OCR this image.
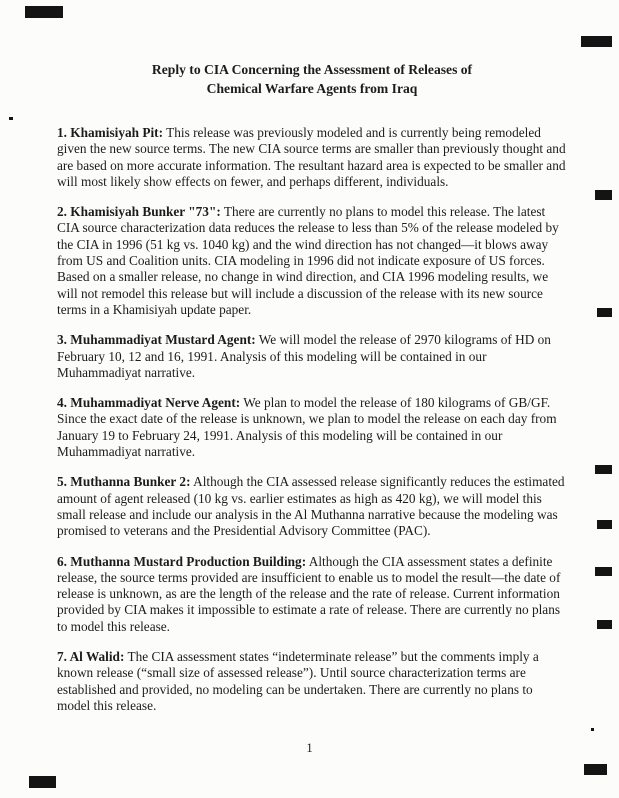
Reply to CIA Concerning the Assessment of Releases of
Chemical Warfare Agents from Iraq

1. Khamisiyah Pit: This release was previously modeled and is currently being remodeled given the new source terms. The new CIA source terms are smaller than previously thought and are based on more accurate information. The resultant hazard area is expected to be smaller and will most likely show effects on fewer, and perhaps different, individuals.

2. Khamisiyah Bunker "73": There are currently no plans to model this release. The latest CIA source characterization data reduces the release to less than 5% of the release modeled by the CIA in 1996 (51 kg vs. 1040 kg) and the wind direction has not changed—it blows away from US and Coalition units. CIA modeling in 1996 did not indicate exposure of US forces. Based on a smaller release, no change in wind direction, and CIA 1996 modeling results, we will not remodel this release but will include a discussion of the release with its new source terms in a Khamisiyah update paper.

3. Muhammadiyat Mustard Agent: We will model the release of 2970 kilograms of HD on February 10, 12 and 16, 1991. Analysis of this modeling will be contained in our Muhammadiyat narrative.

4. Muhammadiyat Nerve Agent: We plan to model the release of 180 kilograms of GB/GF. Since the exact date of the release is unknown, we plan to model the release on each day from January 19 to February 24, 1991. Analysis of this modeling will be contained in our Muhammadiyat narrative.

5. Muthanna Bunker 2: Although the CIA assessed release significantly reduces the estimated amount of agent released (10 kg vs. earlier estimates as high as 420 kg), we will model this small release and include our analysis in the Al Muthanna narrative because the modeling was promised to veterans and the Presidential Advisory Committee (PAC).

6. Muthanna Mustard Production Building: Although the CIA assessment states a definite release, the source terms provided are insufficient to enable us to model the result—the date of release is unknown, as are the length of the release and the rate of release. Current information provided by CIA makes it impossible to estimate a rate of release. There are currently no plans to model this release.

7. Al Walid: The CIA assessment states “indeterminate release” but the comments imply a known release (“small size of assessed release”). Until source characterization terms are established and provided, no modeling can be undertaken. There are currently no plans to model this release.

1
